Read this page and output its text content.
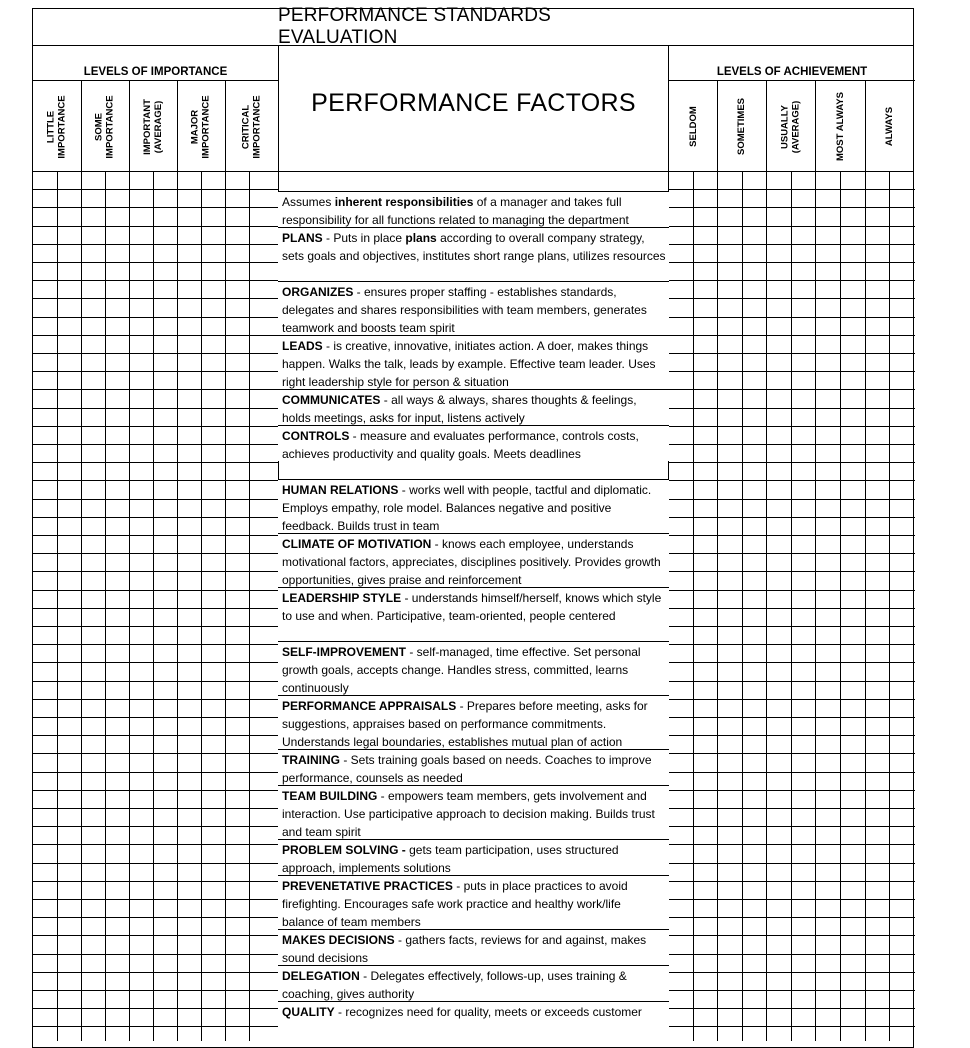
PERFORMANCE STANDARDS EVALUATION
LEVELS OF IMPORTANCE	LEVELS OF ACHIEVEMENT
PERFORMANCE FACTORS
LITTLE IMPORTANCE	SOME IMPORTANCE	IMPORTANT (AVERAGE)	MAJOR IMPORTANCE	CRITICAL IMPORTANCE	SELDOM	SOMETIMES	USUALLY (AVERAGE)	MOST ALWAYS	ALWAYS
Assumes inherent responsibilities of a manager and takes full responsibility for all functions related to managing the department
PLANS - Puts in place plans according to overall company strategy, sets goals and objectives, institutes short range plans, utilizes resources
ORGANIZES - ensures proper staffing - establishes standards, delegates and shares responsibilities with team members, generates teamwork and boosts team spirit
LEADS - is creative, innovative, initiates action. A doer, makes things happen. Walks the talk, leads by example. Effective team leader. Uses right leadership style for person & situation
COMMUNICATES - all ways & always, shares thoughts & feelings, holds meetings, asks for input, listens actively
CONTROLS - measure and evaluates performance, controls costs, achieves productivity and quality goals. Meets deadlines
HUMAN RELATIONS - works well with people, tactful and diplomatic. Employs empathy, role model. Balances negative and positive feedback. Builds trust in team
CLIMATE OF MOTIVATION - knows each employee, understands motivational factors, appreciates, disciplines positively. Provides growth opportunities, gives praise and reinforcement
LEADERSHIP STYLE - understands himself/herself, knows which style to use and when. Participative, team-oriented, people centered
SELF-IMPROVEMENT - self-managed, time effective. Set personal growth goals, accepts change. Handles stress, committed, learns continuously
PERFORMANCE APPRAISALS - Prepares before meeting, asks for suggestions, appraises based on performance commitments. Understands legal boundaries, establishes mutual plan of action
TRAINING - Sets training goals based on needs. Coaches to improve performance, counsels as needed
TEAM BUILDING - empowers team members, gets involvement and interaction. Use participative approach to decision making. Builds trust and team spirit
PROBLEM SOLVING - gets team participation, uses structured approach, implements solutions
PREVENETATIVE PRACTICES - puts in place practices to avoid firefighting. Encourages safe work practice and healthy work/life balance of team members
MAKES DECISIONS - gathers facts, reviews for and against, makes sound decisions
DELEGATION - Delegates effectively, follows-up, uses training & coaching, gives authority
QUALITY - recognizes need for quality, meets or exceeds customer
